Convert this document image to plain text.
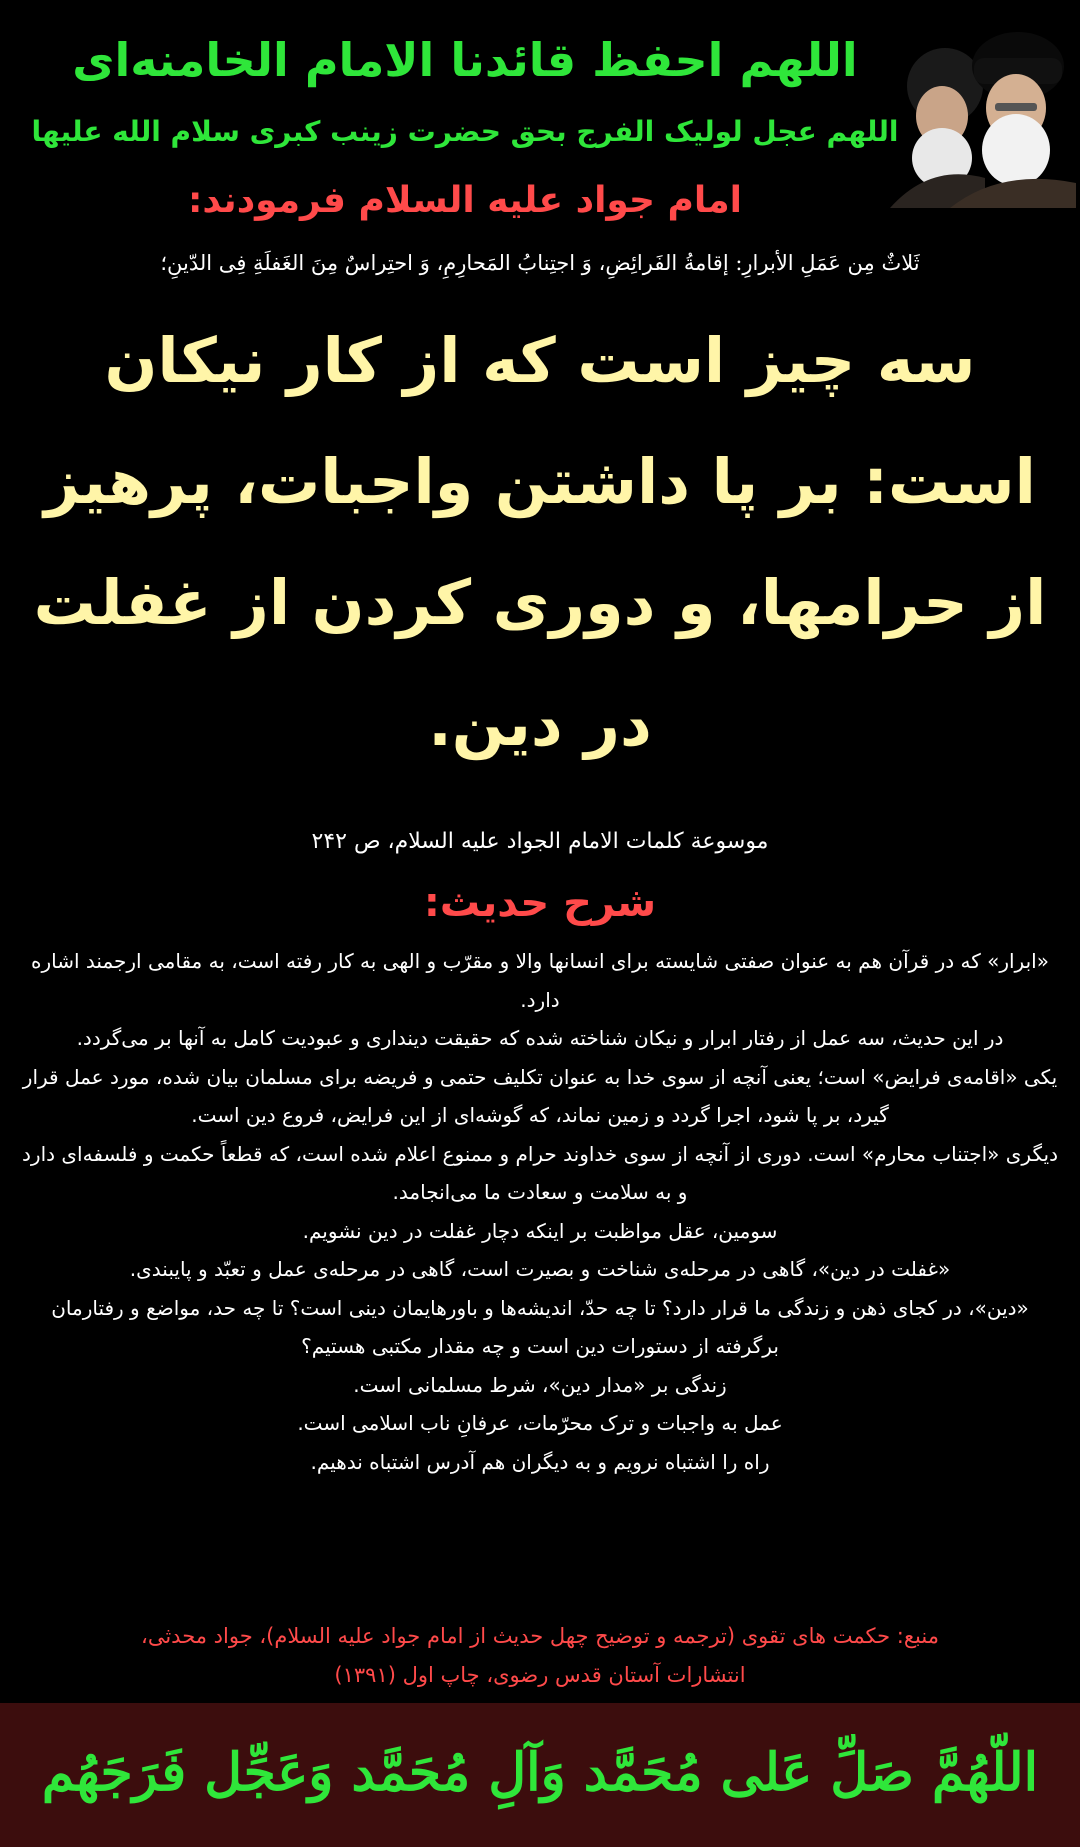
اللهم احفظ قائدنا الامام الخامنه‌ای
اللهم عجل لولیک الفرج بحق حضرت زینب کبری سلام الله علیها
امام جواد علیه السلام فرمودند:

ثَلاثٌ مِن عَمَلِ الأبرارِ: إقامةُ الفَرائِضِ، وَ اجتِنابُ المَحارِمِ، وَ احتِراسٌ مِنَ الغَفلَةِ فِی الدّینِ؛

سه چیز است که از کار نیکان است: بر پا داشتن واجبات، پرهیز از حرامها، و دوری کردن از غفلت در دین.

موسوعة کلمات الامام الجواد علیه السلام، ص ۲۴۲

شرح حدیث:

«ابرار» که در قرآن هم به عنوان صفتی شایسته برای انسانها والا و مقرّب و الهی به کار رفته است، به مقامی ارجمند اشاره دارد.

در این حدیث، سه عمل از رفتار ابرار و نیکان شناخته شده که حقیقت دینداری و عبودیت کامل به آنها بر می‌گردد.

یکی «اقامه‌ی فرایض» است؛ یعنی آنچه از سوی خدا به عنوان تکلیف حتمی و فریضه برای مسلمان بیان شده، مورد عمل قرار گیرد، بر پا شود، اجرا گردد و زمین نماند، که گوشه‌ای از این فرایض، فروع دین است.

دیگری «اجتناب محارم» است. دوری از آنچه از سوی خداوند حرام و ممنوع اعلام شده است، که قطعاً حکمت و فلسفه‌ای دارد و به سلامت و سعادت ما می‌انجامد.

سومین، عقل مواظبت بر اینکه دچار غفلت در دین نشویم.

«غفلت در دین»، گاهی در مرحله‌ی شناخت و بصیرت است، گاهی در مرحله‌ی عمل و تعبّد و پایبندی.

«دین»، در کجای ذهن و زندگی ما قرار دارد؟ تا چه حدّ، اندیشه‌ها و باورهایمان دینی است؟ تا چه حد، مواضع و رفتارمان برگرفته از دستورات دین است و چه مقدار مکتبی هستیم؟

زندگی بر «مدار دین»، شرط مسلمانی است.

عمل به واجبات و ترک محرّمات، عرفانِ ناب اسلامی است.

راه را اشتباه نرویم و به دیگران هم آدرس اشتباه ندهیم.

منبع: حکمت های تقوی (ترجمه و توضیح چهل حدیث از امام جواد علیه السلام)، جواد محدثی،
انتشارات آستان قدس رضوی، چاپ اول (۱۳۹۱)

اللّهُمَّ صَلِّ عَلی مُحَمَّد وَآلِ مُحَمَّد وَعَجِّل فَرَجَهُم
